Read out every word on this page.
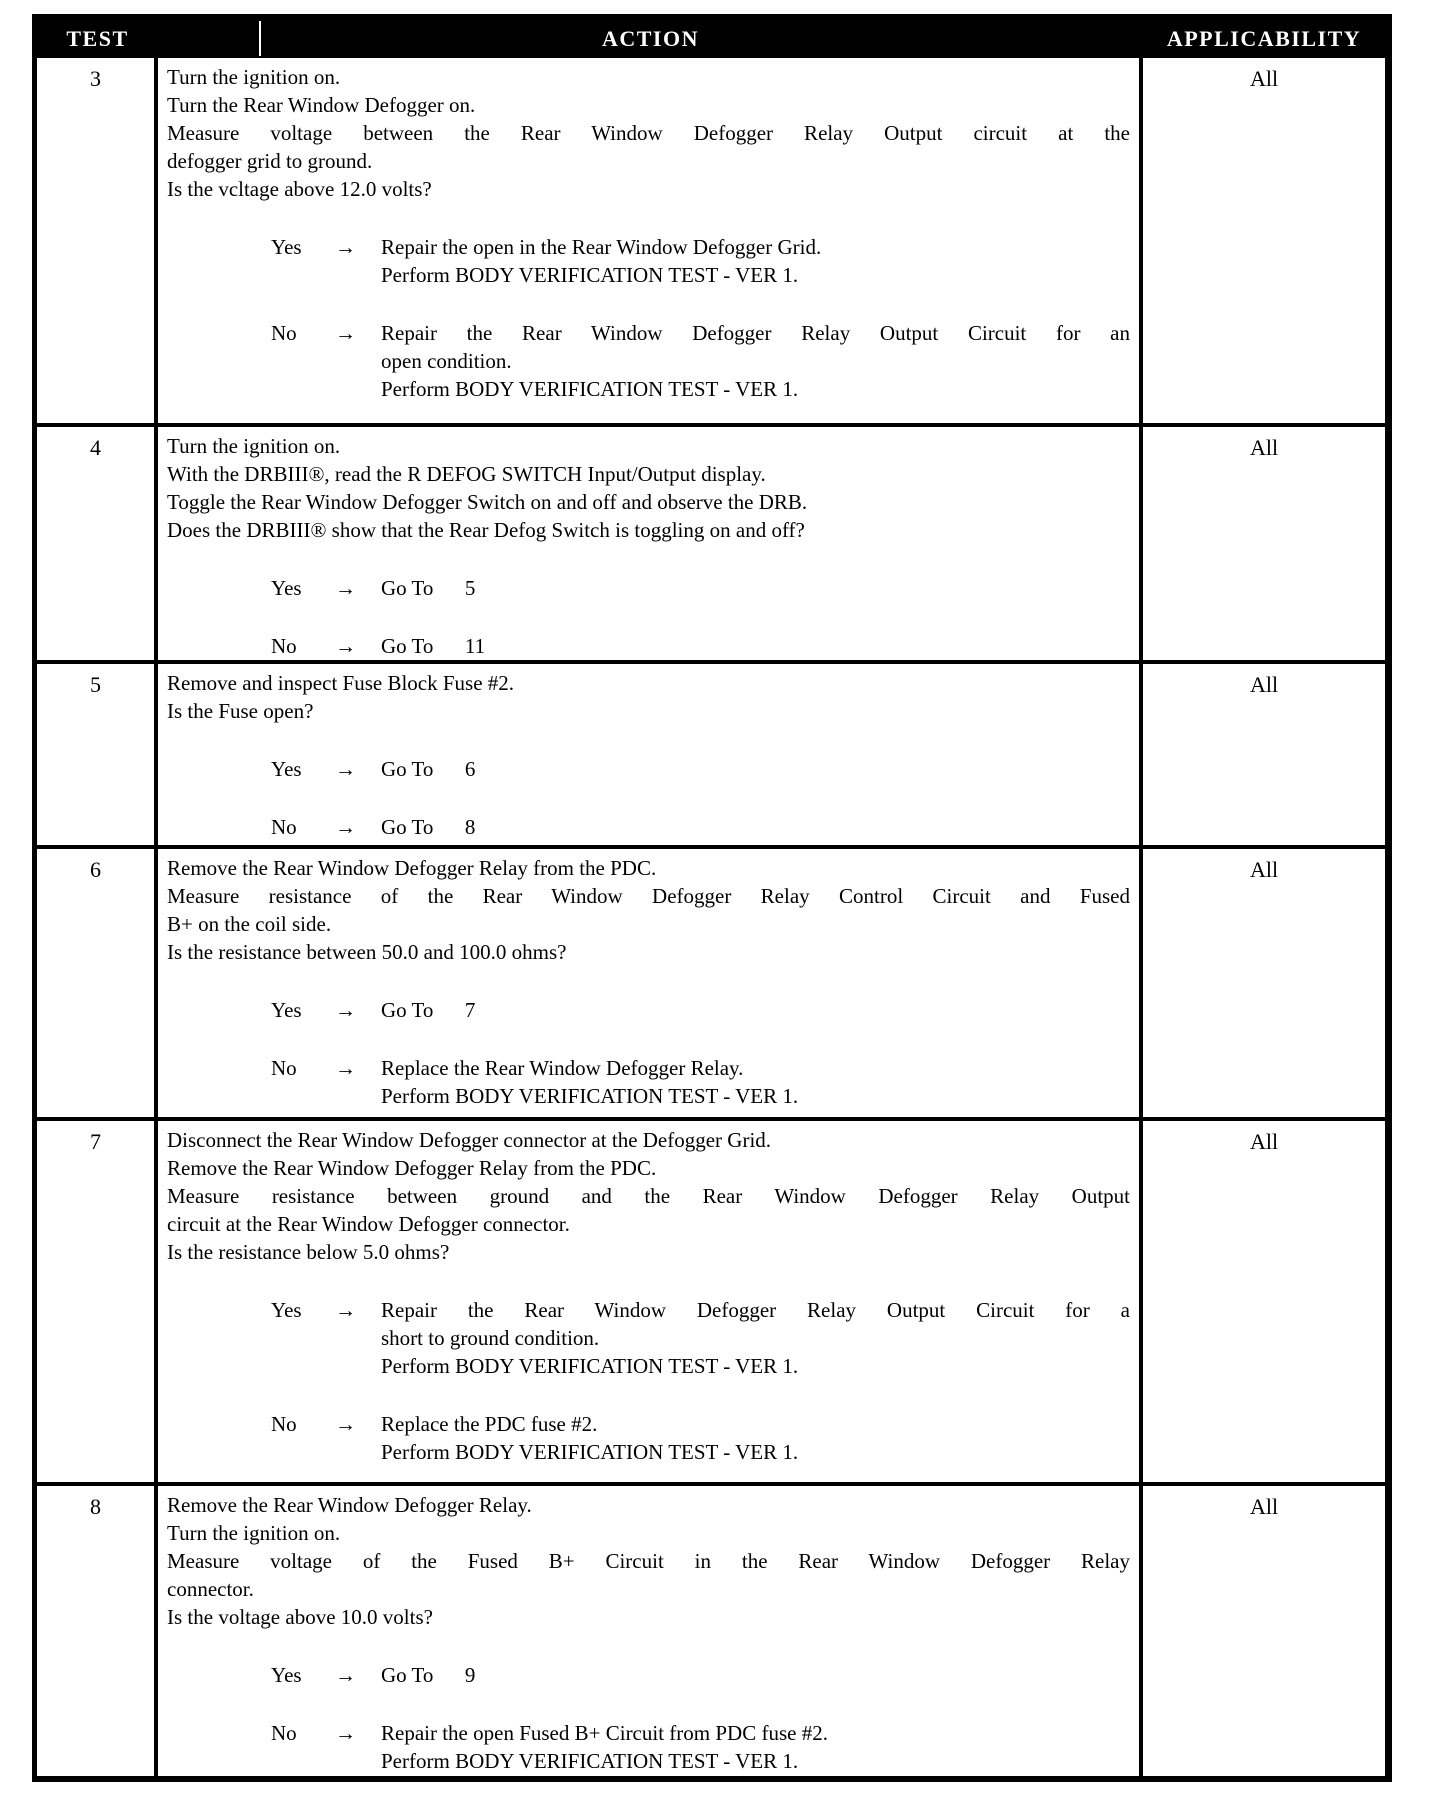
TEST	ACTION	APPLICABILITY
3	Turn the ignition on.

Turn the Rear Window Defogger on.

Measure voltage between the Rear Window Defogger Relay Output circuit at the

defogger grid to ground.

Is the vcltage above 12.0 volts?

Yes	→	Repair the open in the Rear Window Defogger Grid.

Perform BODY VERIFICATION TEST - VER 1.

No	→	Repair the Rear Window Defogger Relay Output Circuit for an

open condition.

Perform BODY VERIFICATION TEST - VER 1.

All
4	Turn the ignition on.

With the DRBIII®, read the R DEFOG SWITCH Input/Output display.

Toggle the Rear Window Defogger Switch on and off and observe the DRB.

Does the DRBIII® show that the Rear Defog Switch is toggling on and off?

Yes	→	Go To  5

No	→	Go To  11

All
5	Remove and inspect Fuse Block Fuse #2.

Is the Fuse open?

Yes	→	Go To  6

No	→	Go To  8

All
6	Remove the Rear Window Defogger Relay from the PDC.

Measure resistance of the Rear Window Defogger Relay Control Circuit and Fused

B+ on the coil side.

Is the resistance between 50.0 and 100.0 ohms?

Yes	→	Go To  7

No	→	Replace the Rear Window Defogger Relay.

Perform BODY VERIFICATION TEST - VER 1.

All
7	Disconnect the Rear Window Defogger connector at the Defogger Grid.

Remove the Rear Window Defogger Relay from the PDC.

Measure resistance between ground and the Rear Window Defogger Relay Output

circuit at the Rear Window Defogger connector.

Is the resistance below 5.0 ohms?

Yes	→	Repair the Rear Window Defogger Relay Output Circuit for a

short to ground condition.

Perform BODY VERIFICATION TEST - VER 1.

No	→	Replace the PDC fuse #2.

Perform BODY VERIFICATION TEST - VER 1.

All
8	Remove the Rear Window Defogger Relay.

Turn the ignition on.

Measure voltage of the Fused B+ Circuit in the Rear Window Defogger Relay

connector.

Is the voltage above 10.0 volts?

Yes	→	Go To  9

No	→	Repair the open Fused B+ Circuit from PDC fuse #2.

Perform BODY VERIFICATION TEST - VER 1.

All
